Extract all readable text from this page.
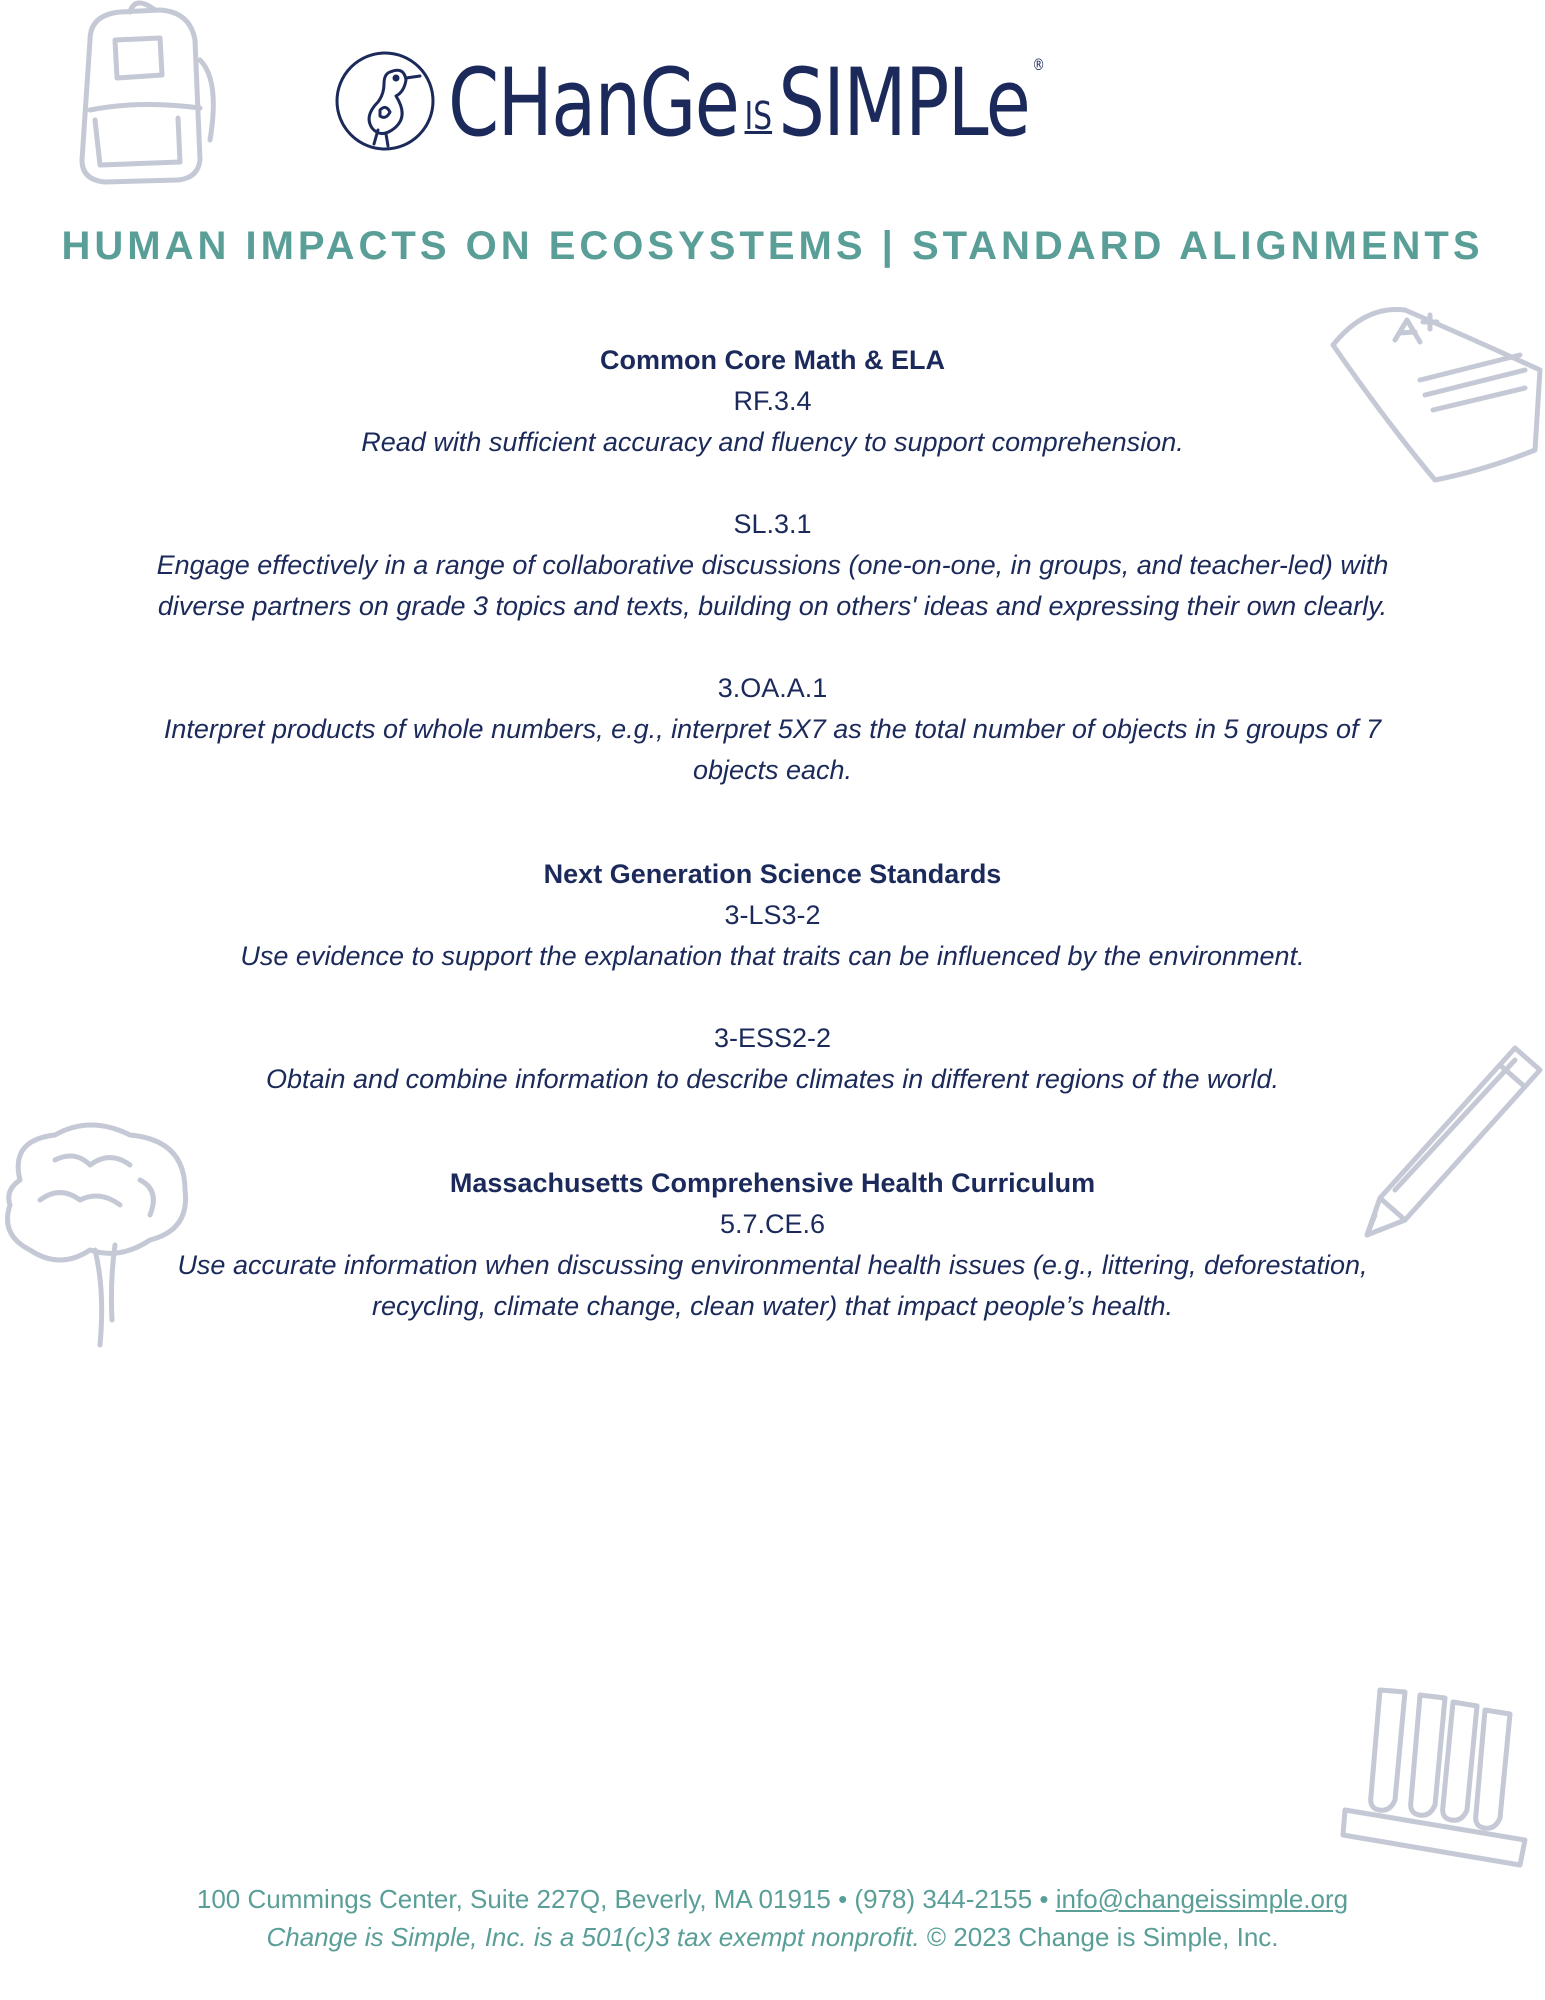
CHanGe IS SIMPLe ®
HUMAN IMPACTS ON ECOSYSTEMS | STANDARD ALIGNMENTS
Common Core Math & ELA
RF.3.4
Read with sufficient accuracy and fluency to support comprehension.
SL.3.1
Engage effectively in a range of collaborative discussions (one-on-one, in groups, and teacher-led) with diverse partners on grade 3 topics and texts, building on others' ideas and expressing their own clearly.
3.OA.A.1
Interpret products of whole numbers, e.g., interpret 5X7 as the total number of objects in 5 groups of 7 objects each.
Next Generation Science Standards
3-LS3-2
Use evidence to support the explanation that traits can be influenced by the environment.
3-ESS2-2
Obtain and combine information to describe climates in different regions of the world.
Massachusetts Comprehensive Health Curriculum
5.7.CE.6
Use accurate information when discussing environmental health issues (e.g., littering, deforestation, recycling, climate change, clean water) that impact people’s health.
100 Cummings Center, Suite 227Q, Beverly, MA 01915 • (978) 344-2155 • info@changeissimple.org
Change is Simple, Inc. is a 501(c)3 tax exempt nonprofit. © 2023 Change is Simple, Inc.
